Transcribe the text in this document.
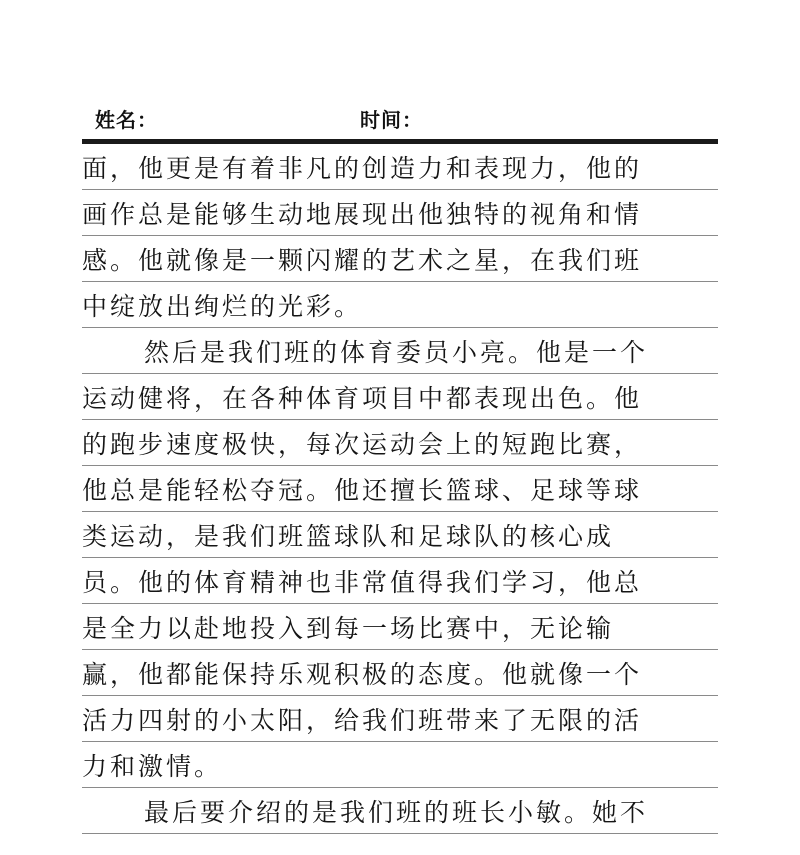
姓名：	时间：
面，他更是有着非凡的创造力和表现力，他的
画作总是能够生动地展现出他独特的视角和情
感。他就像是一颗闪耀的艺术之星，在我们班
中绽放出绚烂的光彩。
然后是我们班的体育委员小亮。他是一个
运动健将，在各种体育项目中都表现出色。他
的跑步速度极快，每次运动会上的短跑比赛，
他总是能轻松夺冠。他还擅长篮球、足球等球
类运动，是我们班篮球队和足球队的核心成
员。他的体育精神也非常值得我们学习，他总
是全力以赴地投入到每一场比赛中，无论输
赢，他都能保持乐观积极的态度。他就像一个
活力四射的小太阳，给我们班带来了无限的活
力和激情。
最后要介绍的是我们班的班长小敏。她不
